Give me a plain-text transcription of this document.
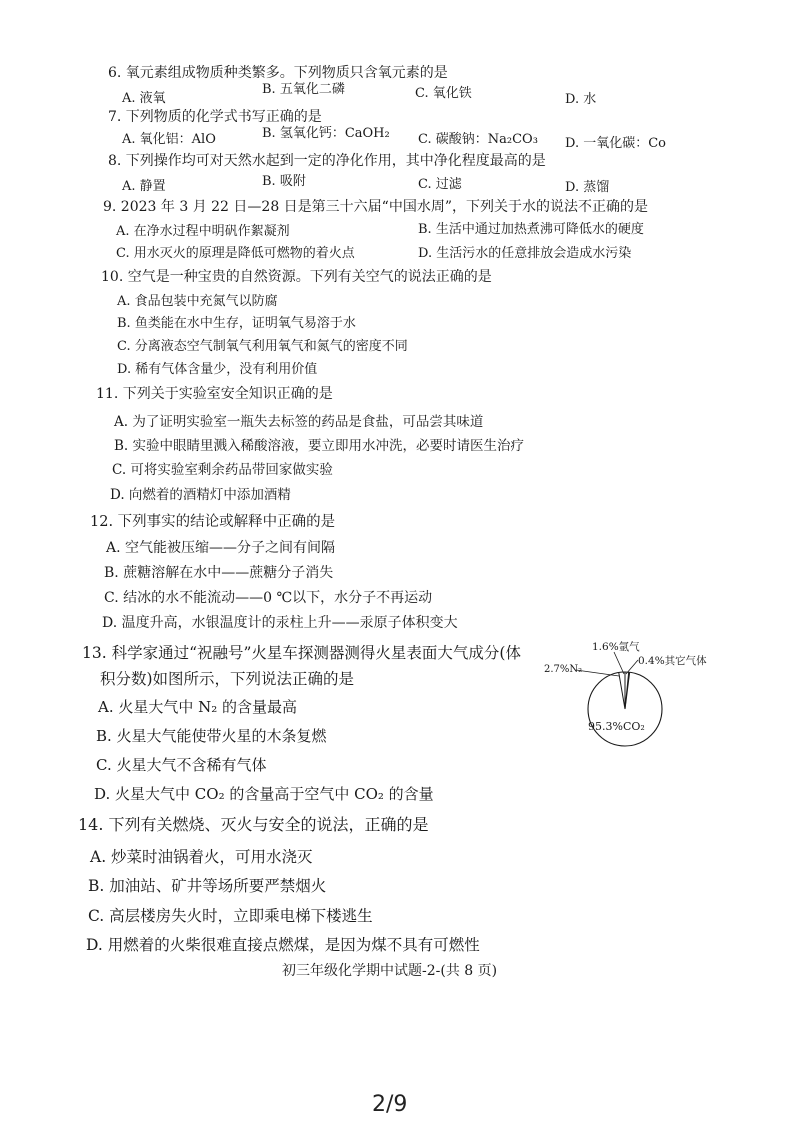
6. 氧元素组成物质种类繁多。下列物质只含氧元素的是
A. 液氧
B. 五氧化二磷	C. 氧化铁	D. 水
7. 下列物质的化学式书写正确的是
A. 氧化铝：AlO	B. 氢氧化钙：CaOH₂ C. 碳酸钠：Na₂CO₃ D. 一氧化碳：Co
8. 下列操作均可对天然水起到一定的净化作用，其中净化程度最高的是
A. 静置	B. 吸附	C. 过滤	D. 蒸馏
9. 2023 年 3 月 22 日—28 日是第三十六届“中国水周”，下列关于水的说法不正确的是
A. 在净水过程中明矾作絮凝剂	B. 生活中通过加热煮沸可降低水的硬度
C. 用水灭火的原理是降低可燃物的着火点	D. 生活污水的任意排放会造成水污染
10. 空气是一种宝贵的自然资源。下列有关空气的说法正确的是
A. 食品包装中充氮气以防腐
B. 鱼类能在水中生存，证明氧气易溶于水
C. 分离液态空气制氧气利用氧气和氮气的密度不同
D. 稀有气体含量少，没有利用价值
11. 下列关于实验室安全知识正确的是
A. 为了证明实验室一瓶失去标签的药品是食盐，可品尝其味道
B. 实验中眼睛里溅入稀酸溶液，要立即用水冲洗，必要时请医生治疗
C. 可将实验室剩余药品带回家做实验
D. 向燃着的酒精灯中添加酒精
12. 下列事实的结论或解释中正确的是
A. 空气能被压缩——分子之间有间隔
B. 蔗糖溶解在水中——蔗糖分子消失
C. 结冰的水不能流动——0 ℃以下，水分子不再运动
D. 温度升高，水银温度计的汞柱上升——汞原子体积变大
13. 科学家通过“祝融号”火星车探测器测得火星表面大气成分(体
积分数)如图所示，下列说法正确的是
A. 火星大气中 N₂ 的含量最高
B. 火星大气能使带火星的木条复燃
C. 火星大气不含稀有气体
D. 火星大气中 CO₂ 的含量高于空气中 CO₂ 的含量
95.3%CO₂
2.7%N₂
1.6%氩气
0.4%其它气体
14. 下列有关燃烧、灭火与安全的说法，正确的是
A. 炒菜时油锅着火，可用水浇灭
B. 加油站、矿井等场所要严禁烟火
C. 高层楼房失火时，立即乘电梯下楼逃生
D. 用燃着的火柴很难直接点燃煤，是因为煤不具有可燃性
初三年级化学期中试题-2-(共 8 页)
2/9
